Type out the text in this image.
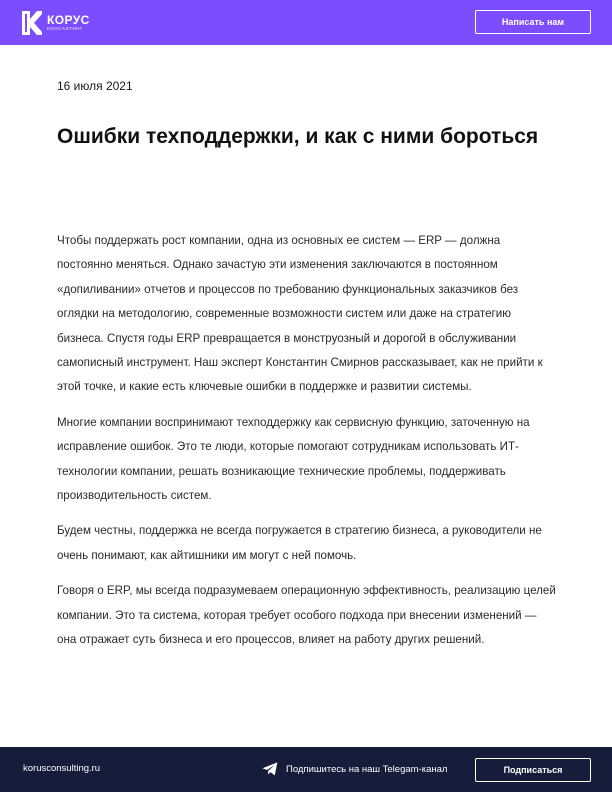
КОРУС
КОНСАЛТИНГ
Написать нам
16 июля 2021
Ошибки техподдержки, и как с ними бороться

Чтобы поддержать рост компании, одна из основных ее систем — ERP — должна постоянно меняться. Однако зачастую эти изменения заключаются в постоянном «допиливании» отчетов и процессов по требованию функциональных заказчиков без оглядки на методологию, современные возможности систем или даже на стратегию бизнеса. Спустя годы ERP превращается в монструозный и дорогой в обслуживании самописный инструмент. Наш эксперт Константин Смирнов рассказывает, как не прийти к этой точке, и какие есть ключевые ошибки в поддержке и развитии системы.

Многие компании воспринимают техподдержку как сервисную функцию, заточенную на исправление ошибок. Это те люди, которые помогают сотрудникам использовать ИТ-технологии компании, решать возникающие технические проблемы, поддерживать производительность систем.

Будем честны, поддержка не всегда погружается в стратегию бизнеса, а руководители не очень понимают, как айтишники им могут с ней помочь.

Говоря о ERP, мы всегда подразумеваем операционную эффективность, реализацию целей компании. Это та система, которая требует особого подхода при внесении изменений — она отражает суть бизнеса и его процессов, влияет на работу других решений.

korusconsulting.ru	Подпишитесь на наш Telegam-канал	Подписаться
